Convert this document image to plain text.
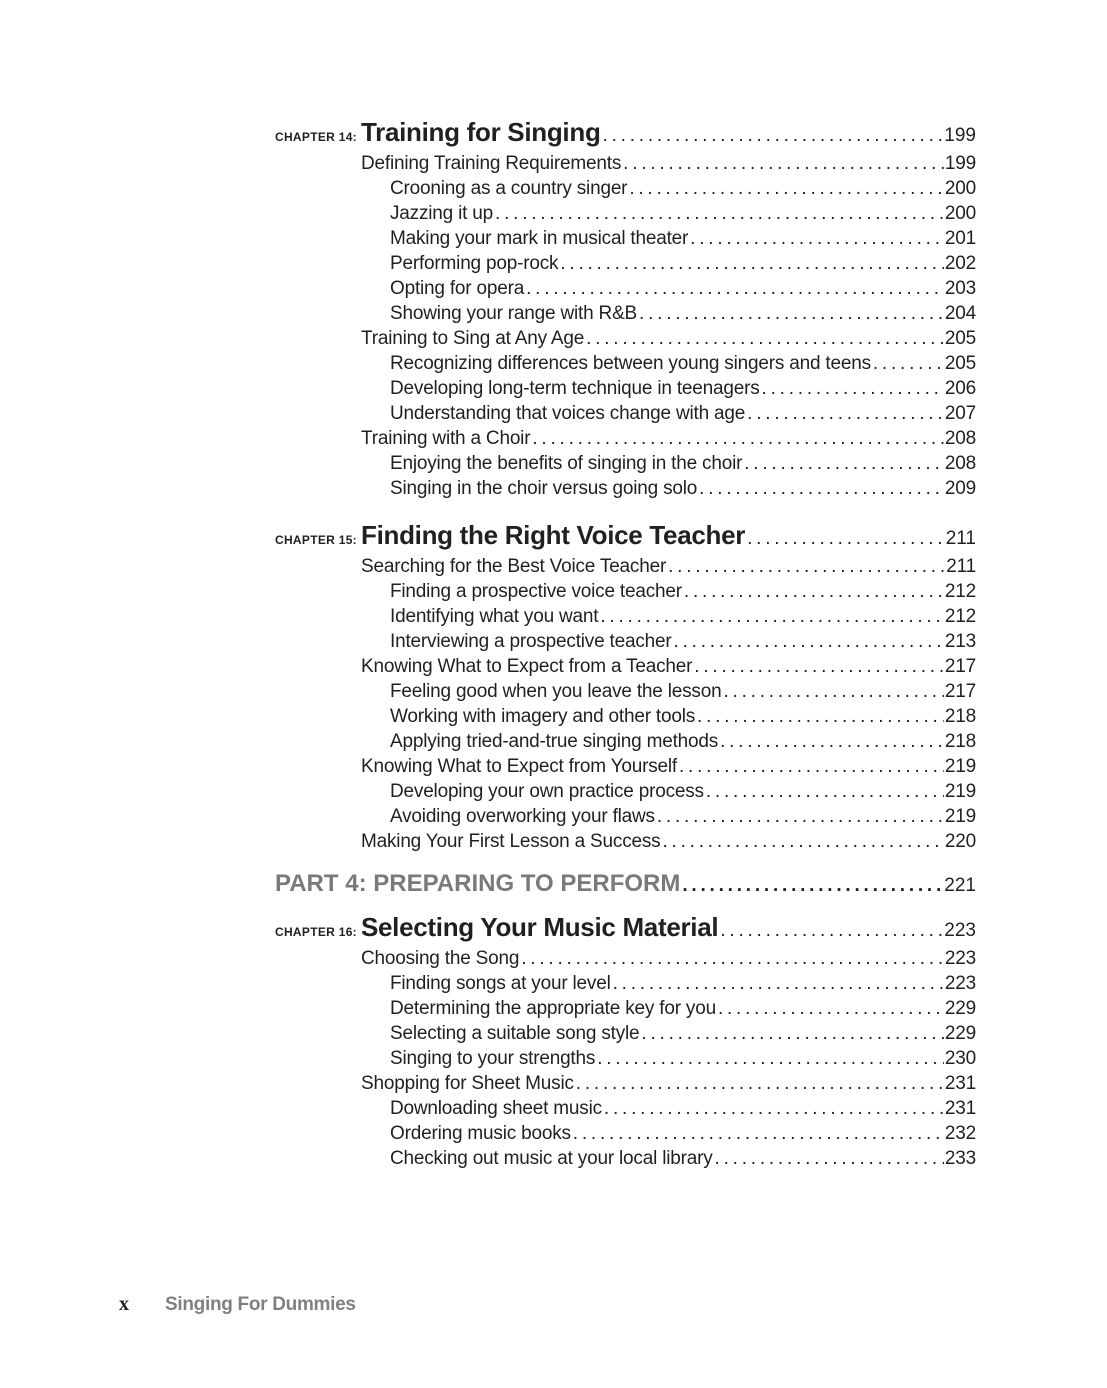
CHAPTER 14: Training for Singing . . .	199
Defining Training Requirements . . .	199
Crooning as a country singer . . .	200
Jazzing it up . . .	200
Making your mark in musical theater . . .	201
Performing pop-rock . . .	202
Opting for opera . . .	203
Showing your range with R&B . . .	204
Training to Sing at Any Age . . .	205
Recognizing differences between young singers and teens . . .	205
Developing long-term technique in teenagers . . .	206
Understanding that voices change with age . . .	207
Training with a Choir . . .	208
Enjoying the benefits of singing in the choir . . .	208
Singing in the choir versus going solo . . .	209
CHAPTER 15: Finding the Right Voice Teacher . . .	211
Searching for the Best Voice Teacher . . .	211
Finding a prospective voice teacher . . .	212
Identifying what you want . . .	212
Interviewing a prospective teacher . . .	213
Knowing What to Expect from a Teacher . . .	217
Feeling good when you leave the lesson . . .	217
Working with imagery and other tools . . .	218
Applying tried-and-true singing methods . . .	218
Knowing What to Expect from Yourself . . .	219
Developing your own practice process . . .	219
Avoiding overworking your flaws . . .	219
Making Your First Lesson a Success . . .	220
PART 4: PREPARING TO PERFORM . . .	221
CHAPTER 16: Selecting Your Music Material . . .	223
Choosing the Song . . .	223
Finding songs at your level . . .	223
Determining the appropriate key for you . . .	229
Selecting a suitable song style . . .	229
Singing to your strengths . . .	230
Shopping for Sheet Music . . .	231
Downloading sheet music . . .	231
Ordering music books . . .	232
Checking out music at your local library . . .	233
x	Singing For Dummies
